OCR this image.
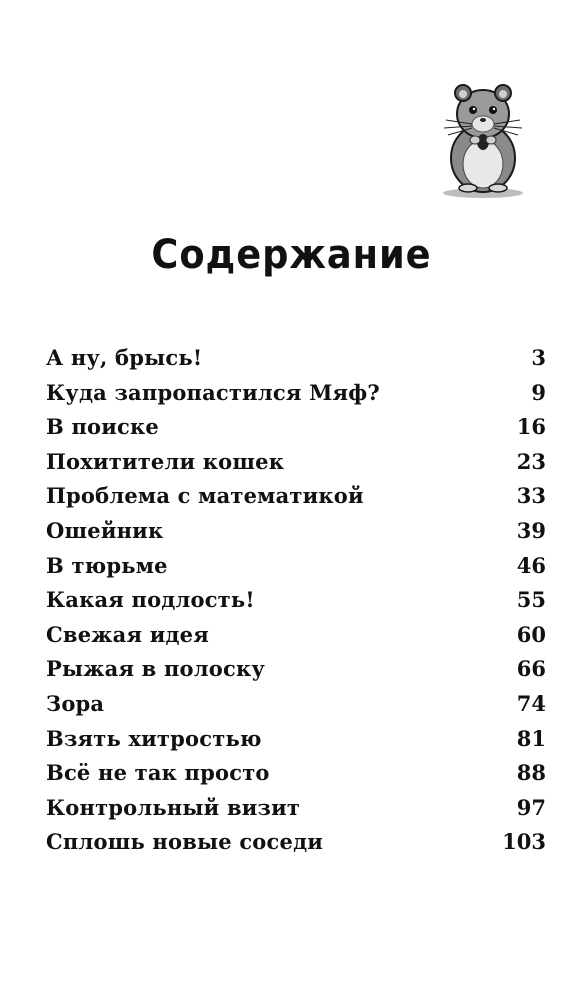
Содержание
А ну, брысь!	3
Куда запропастился Мяф?	9
В поиске	16
Похитители кошек	23
Проблема с математикой	33
Ошейник	39
В тюрьме	46
Какая подлость!	55
Свежая идея	60
Рыжая в полоску	66
Зора	74
Взять хитростью	81
Всё не так просто	88
Контрольный визит	97
Сплошь новые соседи	103
